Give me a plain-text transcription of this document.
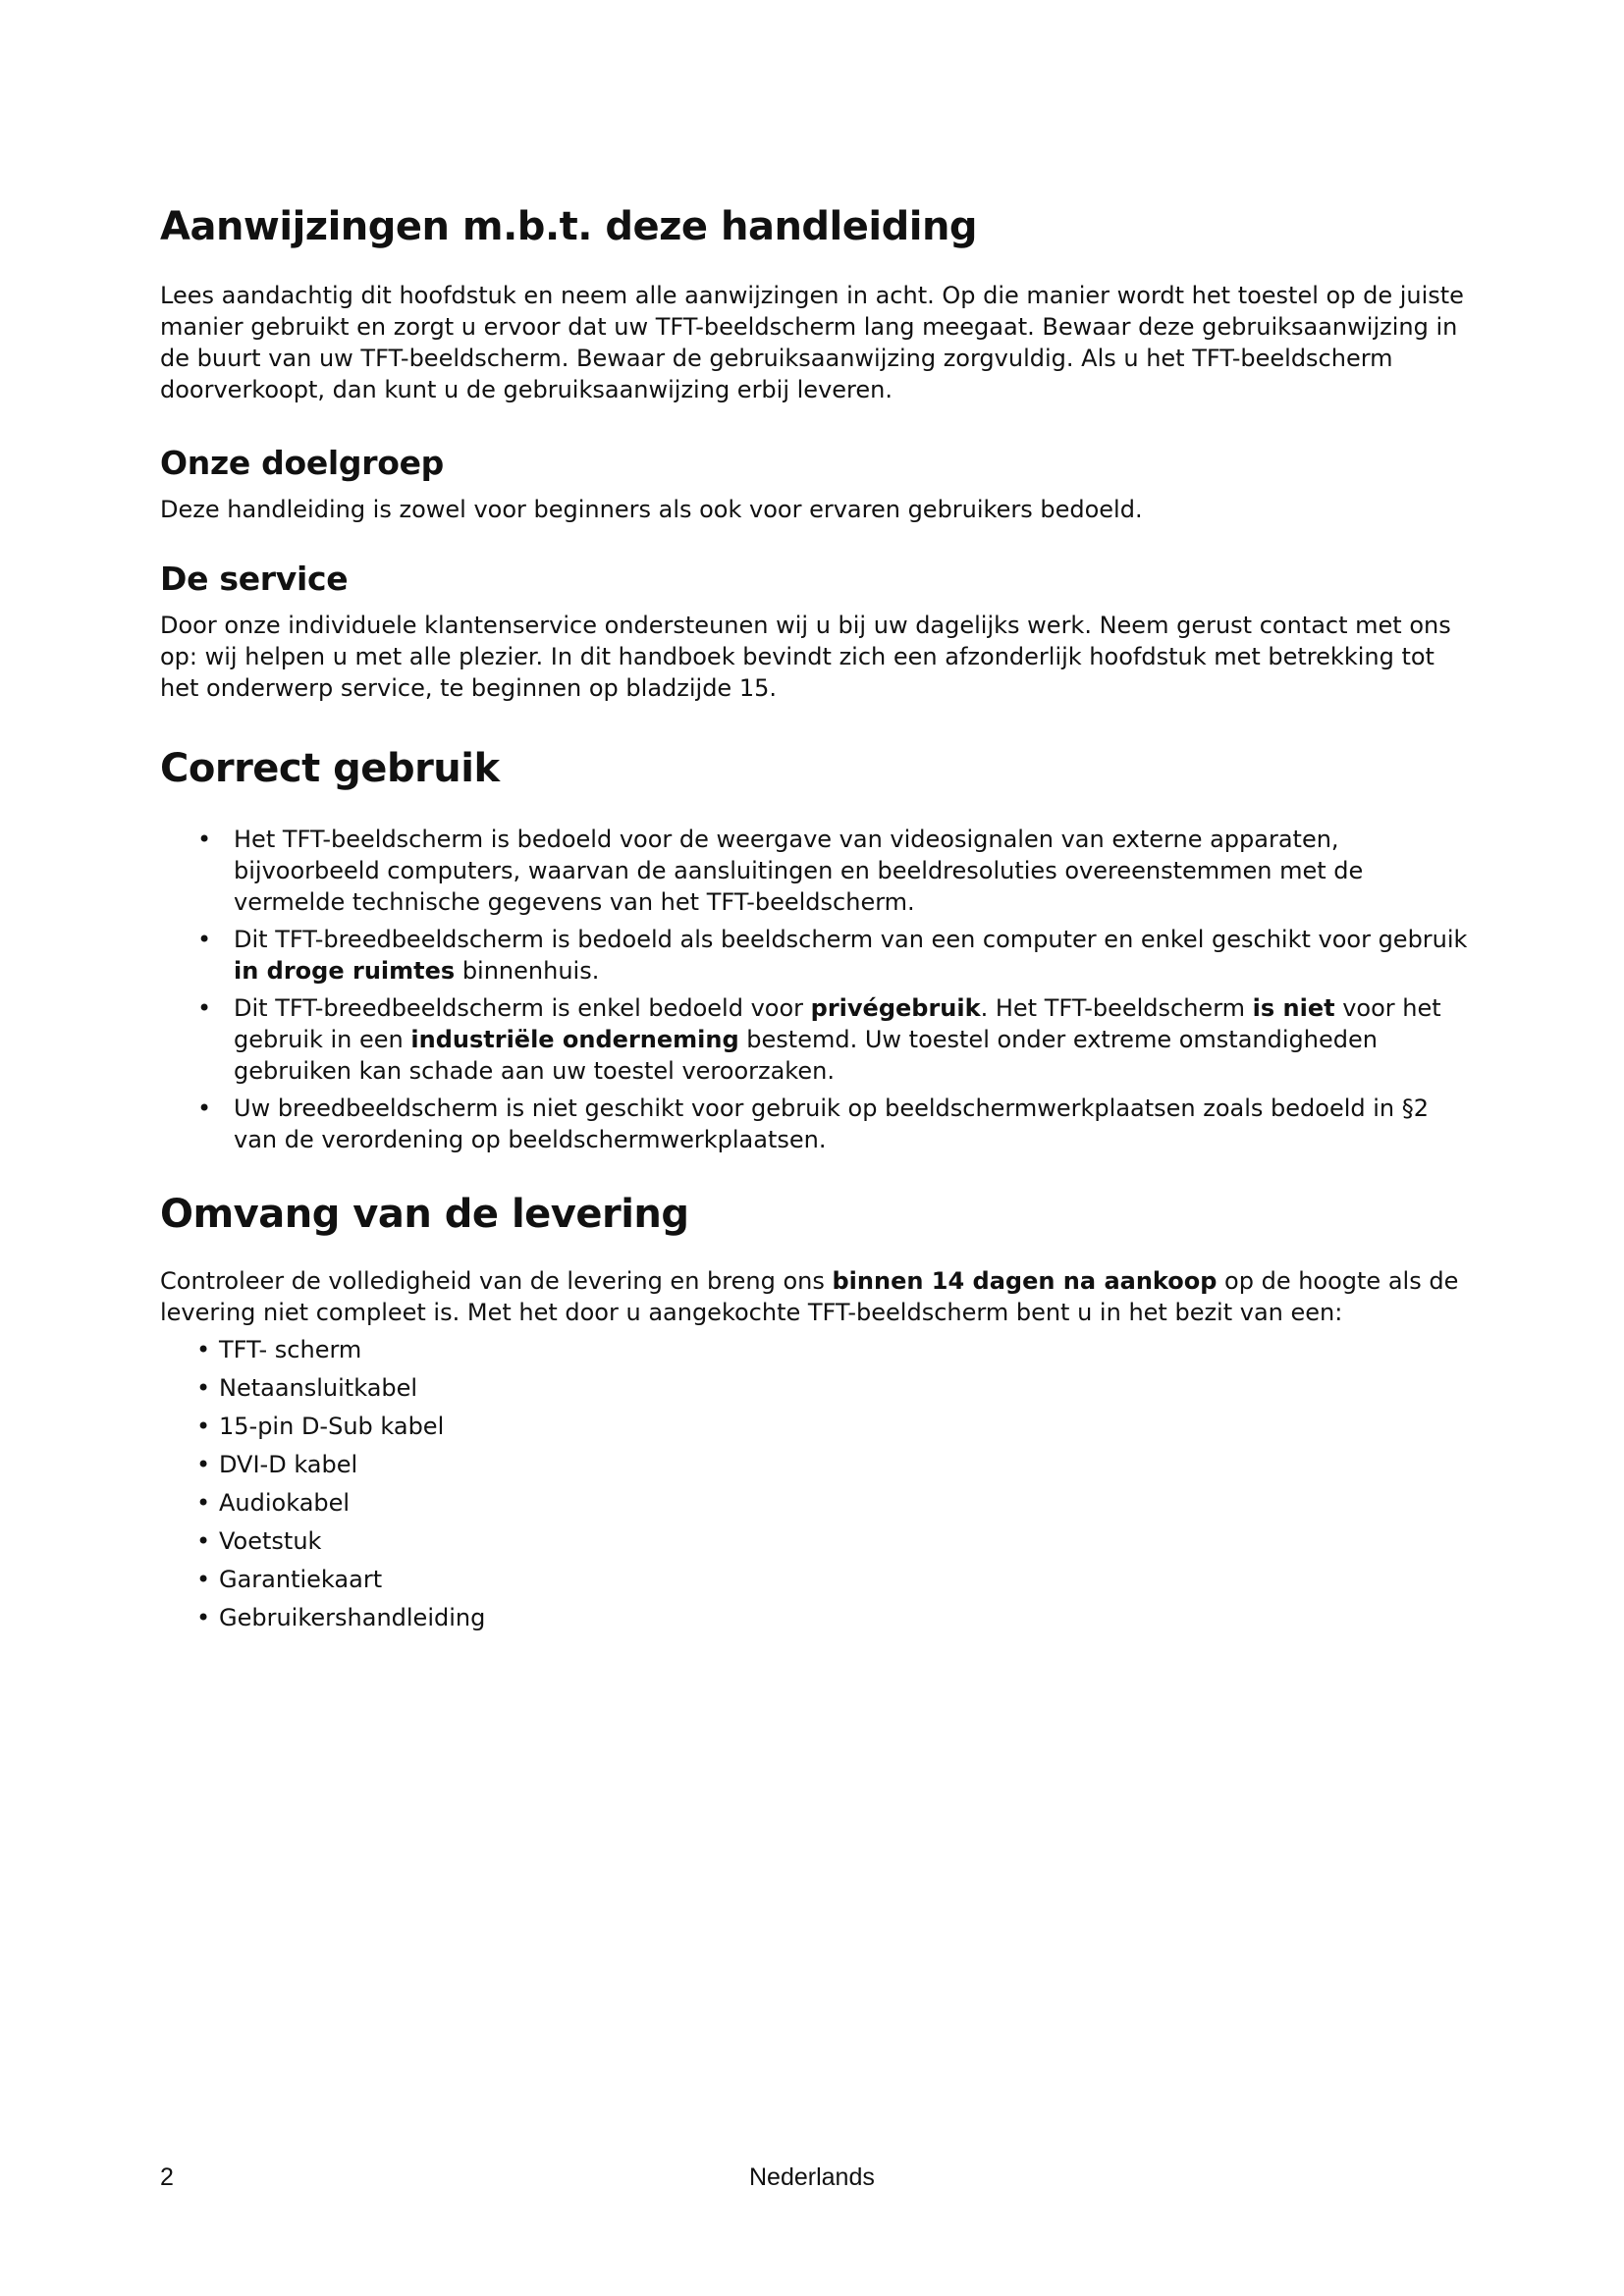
Aanwijzingen m.b.t. deze handleiding

Lees aandachtig dit hoofdstuk en neem alle aanwijzingen in acht. Op die manier wordt het toestel op de juiste manier gebruikt en zorgt u ervoor dat uw TFT-beeldscherm lang meegaat. Bewaar deze gebruiksaanwijzing in de buurt van uw TFT-beeldscherm. Bewaar de gebruiksaanwijzing zorgvuldig. Als u het TFT-beeldscherm doorverkoopt, dan kunt u de gebruiksaanwijzing erbij leveren.

Onze doelgroep

Deze handleiding is zowel voor beginners als ook voor ervaren gebruikers bedoeld.

De service

Door onze individuele klantenservice ondersteunen wij u bij uw dagelijks werk. Neem gerust contact met ons op: wij helpen u met alle plezier. In dit handboek bevindt zich een afzonderlijk hoofdstuk met betrekking tot het onderwerp service, te beginnen op bladzijde 15.

Correct gebruik
• Het TFT-beeldscherm is bedoeld voor de weergave van videosignalen van externe apparaten, bijvoorbeeld computers, waarvan de aansluitingen en beeldresoluties overeenstemmen met de vermelde technische gegevens van het TFT-beeldscherm.
• Dit TFT-breedbeeldscherm is bedoeld als beeldscherm van een computer en enkel geschikt voor gebruik in droge ruimtes binnenhuis.
• Dit TFT-breedbeeldscherm is enkel bedoeld voor privégebruik. Het TFT-beeldscherm is niet voor het gebruik in een industriële onderneming bestemd. Uw toestel onder extreme omstandigheden gebruiken kan schade aan uw toestel veroorzaken.
• Uw breedbeeldscherm is niet geschikt voor gebruik op beeldschermwerkplaatsen zoals bedoeld in §2 van de verordening op beeldschermwerkplaatsen.
Omvang van de levering

Controleer de volledigheid van de levering en breng ons binnen 14 dagen na aankoop op de hoogte als de levering niet compleet is. Met het door u aangekochte TFT-beeldscherm bent u in het bezit van een:

• TFT- scherm
• Netaansluitkabel
• 15-pin D-Sub kabel
• DVI-D kabel
• Audiokabel
• Voetstuk
• Garantiekaart
• Gebruikershandleiding
2	Nederlands
